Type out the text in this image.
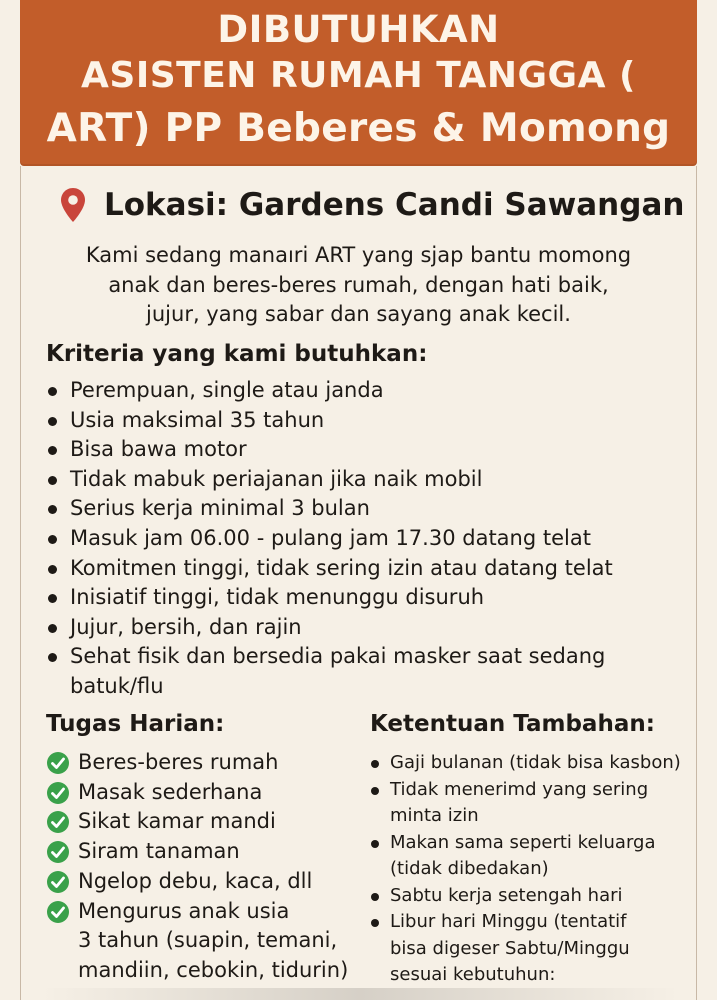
DIBUTUHKAN
ASISTEN RUMAH TANGGA (
ART) PP Beberes & Momong
Lokasi: Gardens Candi Sawangan
Kami sedang manaıri ART yang sjap bantu momong
anak dan beres-beres rumah, dengan hati baik,
jujur, yang sabar dan sayang anak kecil.
Kriteria yang kami butuhkan:
Perempuan, single atau janda
Usia maksimal 35 tahun
Bisa bawa motor
Tidak mabuk periajanan jika naik mobil
Serius kerja minimal 3 bulan
Masuk jam 06.00 - pulang jam 17.30 datang telat
Komitmen tinggi, tidak sering izin atau datang telat
Inisiatif tinggi, tidak menunggu disuruh
Jujur, bersih, dan rajin
Sehat fisik dan bersedia pakai masker saat sedang
batuk/flu
Tugas Harian:
Beres-beres rumah
Masak sederhana
Sikat kamar mandi
Siram tanaman
Ngelop debu, kaca, dll
Mengurus anak usia
3 tahun (suapin, temani,
mandiin, cebokin, tidurin)
Ketentuan Tambahan:
Gaji bulanan (tidak bisa kasbon)
Tidak menerimd yang sering
minta izin
Makan sama seperti keluarga
(tidak dibedakan)
Sabtu kerja setengah hari
Libur hari Minggu (tentatif
bisa digeser Sabtu/Minggu
sesuai kebutuhun:
